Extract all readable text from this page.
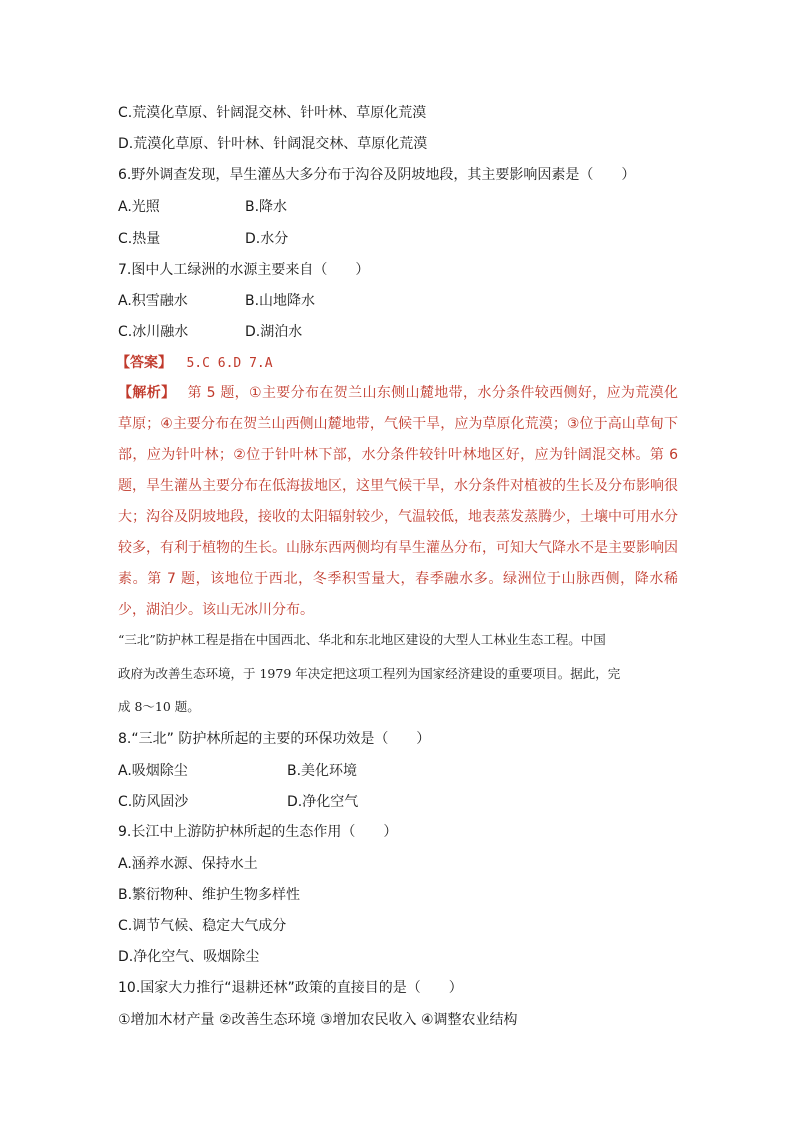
C.荒漠化草原、针阔混交林、针叶林、草原化荒漠
D.荒漠化草原、针叶林、针阔混交林、草原化荒漠
6.野外调查发现，旱生灌丛大多分布于沟谷及阴坡地段，其主要影响因素是（　　）
A.光照	B.降水
C.热量	D.水分
7.图中人工绿洲的水源主要来自（　　）
A.积雪融水	B.山地降水
C.冰川融水	D.湖泊水
【答案】 5.C 6.D 7.A
【解析】 第 5 题，①主要分布在贺兰山东侧山麓地带，水分条件较西侧好，应为荒漠化草原；④主要分布在贺兰山西侧山麓地带，气候干旱，应为草原化荒漠；③位于高山草甸下部，应为针叶林；②位于针叶林下部，水分条件较针叶林地区好，应为针阔混交林。第 6 题，旱生灌丛主要分布在低海拔地区，这里气候干旱，水分条件对植被的生长及分布影响很大；沟谷及阴坡地段，接收的太阳辐射较少，气温较低，地表蒸发蒸腾少，土壤中可用水分较多，有利于植物的生长。山脉东西两侧均有旱生灌丛分布，可知大气降水不是主要影响因素。第 7 题，该地位于西北，冬季积雪量大，春季融水多。绿洲位于山脉西侧，降水稀少，湖泊少。该山无冰川分布。
“三北”防护林工程是指在中国西北、华北和东北地区建设的大型人工林业生态工程。中国
政府为改善生态环境，于 1979 年决定把这项工程列为国家经济建设的重要项目。据此，完
成 8～10 题。
8.“三北” 防护林所起的主要的环保功效是（　　）
A.吸烟除尘	B.美化环境
C.防风固沙	D.净化空气
9.长江中上游防护林所起的生态作用（　　）
A.涵养水源、保持水土
B.繁衍物种、维护生物多样性
C.调节气候、稳定大气成分
D.净化空气、吸烟除尘
10.国家大力推行“退耕还林”政策的直接目的是（　　）
①增加木材产量 ②改善生态环境 ③增加农民收入 ④调整农业结构
